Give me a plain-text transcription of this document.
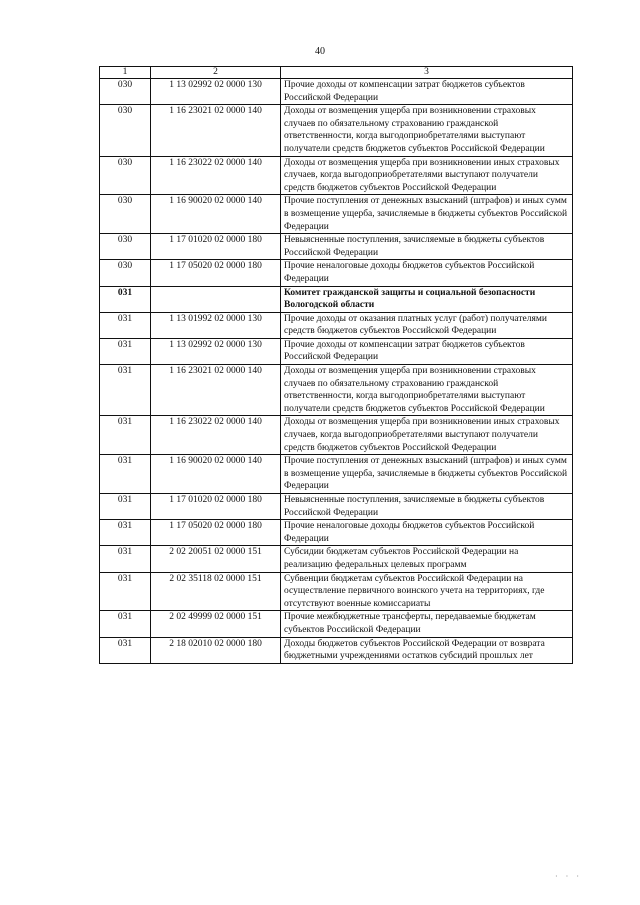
40
1	2	3
030	1 13 02992 02 0000 130	Прочие доходы от компенсации затрат бюджетов субъектов Российской Федерации
030	1 16 23021 02 0000 140	Доходы от возмещения ущерба при возникновении страховых случаев по обязательному страхованию гражданской ответственности, когда выгодоприобретателями выступают получатели средств бюджетов субъектов Российской Федерации
030	1 16 23022 02 0000 140	Доходы от возмещения ущерба при возникновении иных страховых случаев, когда выгодоприобретателями выступают получатели средств бюджетов субъектов Российской Федерации
030	1 16 90020 02 0000 140	Прочие поступления от денежных взысканий (штрафов) и иных сумм в возмещение ущерба, зачисляемые в бюджеты субъектов Российской Федерации
030	1 17 01020 02 0000 180	Невыясненные поступления, зачисляемые в бюджеты субъектов Российской Федерации
030	1 17 05020 02 0000 180	Прочие неналоговые доходы бюджетов субъектов Российской Федерации
031		Комитет гражданской защиты и социальной безопасности Вологодской области
031	1 13 01992 02 0000 130	Прочие доходы от оказания платных услуг (работ) получателями средств бюджетов субъектов Российской Федерации
031	1 13 02992 02 0000 130	Прочие доходы от компенсации затрат бюджетов субъектов Российской Федерации
031	1 16 23021 02 0000 140	Доходы от возмещения ущерба при возникновении страховых случаев по обязательному страхованию гражданской ответственности, когда выгодоприобретателями выступают получатели средств бюджетов субъектов Российской Федерации
031	1 16 23022 02 0000 140	Доходы от возмещения ущерба при возникновении иных страховых случаев, когда выгодоприобретателями выступают получатели средств бюджетов субъектов Российской Федерации
031	1 16 90020 02 0000 140	Прочие поступления от денежных взысканий (штрафов) и иных сумм в возмещение ущерба, зачисляемые в бюджеты субъектов Российской Федерации
031	1 17 01020 02 0000 180	Невыясненные поступления, зачисляемые в бюджеты субъектов Российской Федерации
031	1 17 05020 02 0000 180	Прочие неналоговые доходы бюджетов субъектов Российской Федерации
031	2 02 20051 02 0000 151	Субсидии бюджетам субъектов Российской Федерации на реализацию федеральных целевых программ
031	2 02 35118 02 0000 151	Субвенции бюджетам субъектов Российской Федерации на осуществление первичного воинского учета на территориях, где отсутствуют военные комиссариаты
031	2 02 49999 02 0000 151	Прочие межбюджетные трансферты, передаваемые бюджетам субъектов Российской Федерации
031	2 18 02010 02 0000 180	Доходы бюджетов субъектов Российской Федерации от возврата бюджетными учреждениями остатков субсидий прошлых лет
· · ·
